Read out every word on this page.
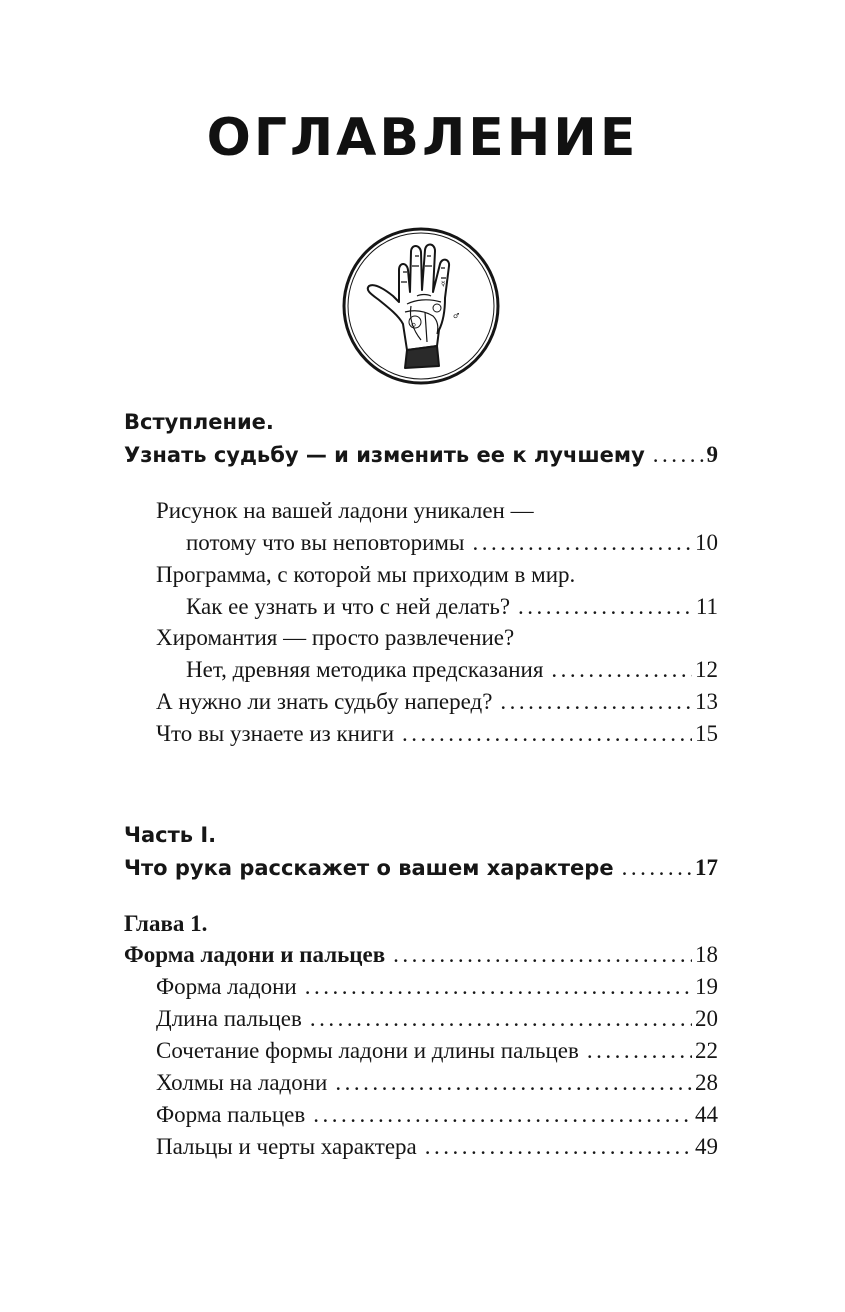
ОГЛАВЛЕНИЕ
♀
♂
☿
Вступление.
Узнать судьбу — и изменить ее к лучшему .....	9
Рисунок на вашей ладони уникален —
потому что вы неповторимы .....	10
Программа, с которой мы приходим в мир.
Как ее узнать и что с ней делать? .....	11
Хиромантия — просто развлечение?
Нет, древняя методика предсказания .....	12
А нужно ли знать судьбу наперед? .....	13
Что вы узнаете из книги .....	15
Часть I.
Что рука расскажет о вашем характере .....	17
Глава 1.
Форма ладони и пальцев .....	18
Форма ладони .....	19
Длина пальцев .....	20
Сочетание формы ладони и длины пальцев .....	22
Холмы на ладони .....	28
Форма пальцев .....	44
Пальцы и черты характера .....	49
